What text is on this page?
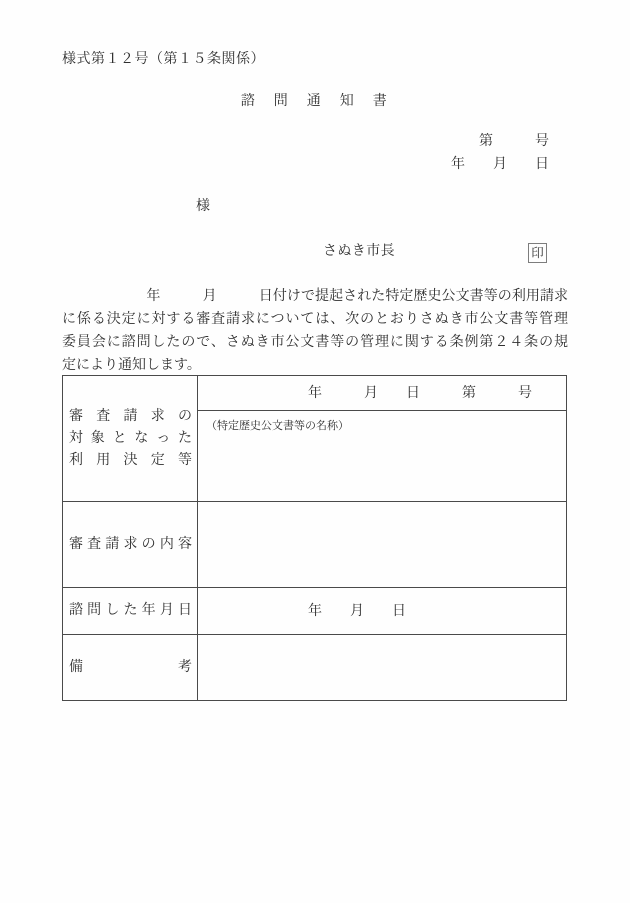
様式第１２号（第１５条関係）
諮　問　通　知　書
第　　　号
年　　月　　日
様
さぬき市長	印
　　　　　　年　　　月　　　日付けで提起された特定歴史公文書等の利用請求
に係る決定に対する審査請求については、次のとおりさぬき市公文書等管理
委員会に諮問したので、さぬき市公文書等の管理に関する条例第２４条の規
定により通知します。
審査請求の
対象となった
利用決定等
年　　　月　　日　　　第　　　号
（特定歴史公文書等の名称）
審査請求の内容
諮問した年月日	年　　月　　日
備　考
